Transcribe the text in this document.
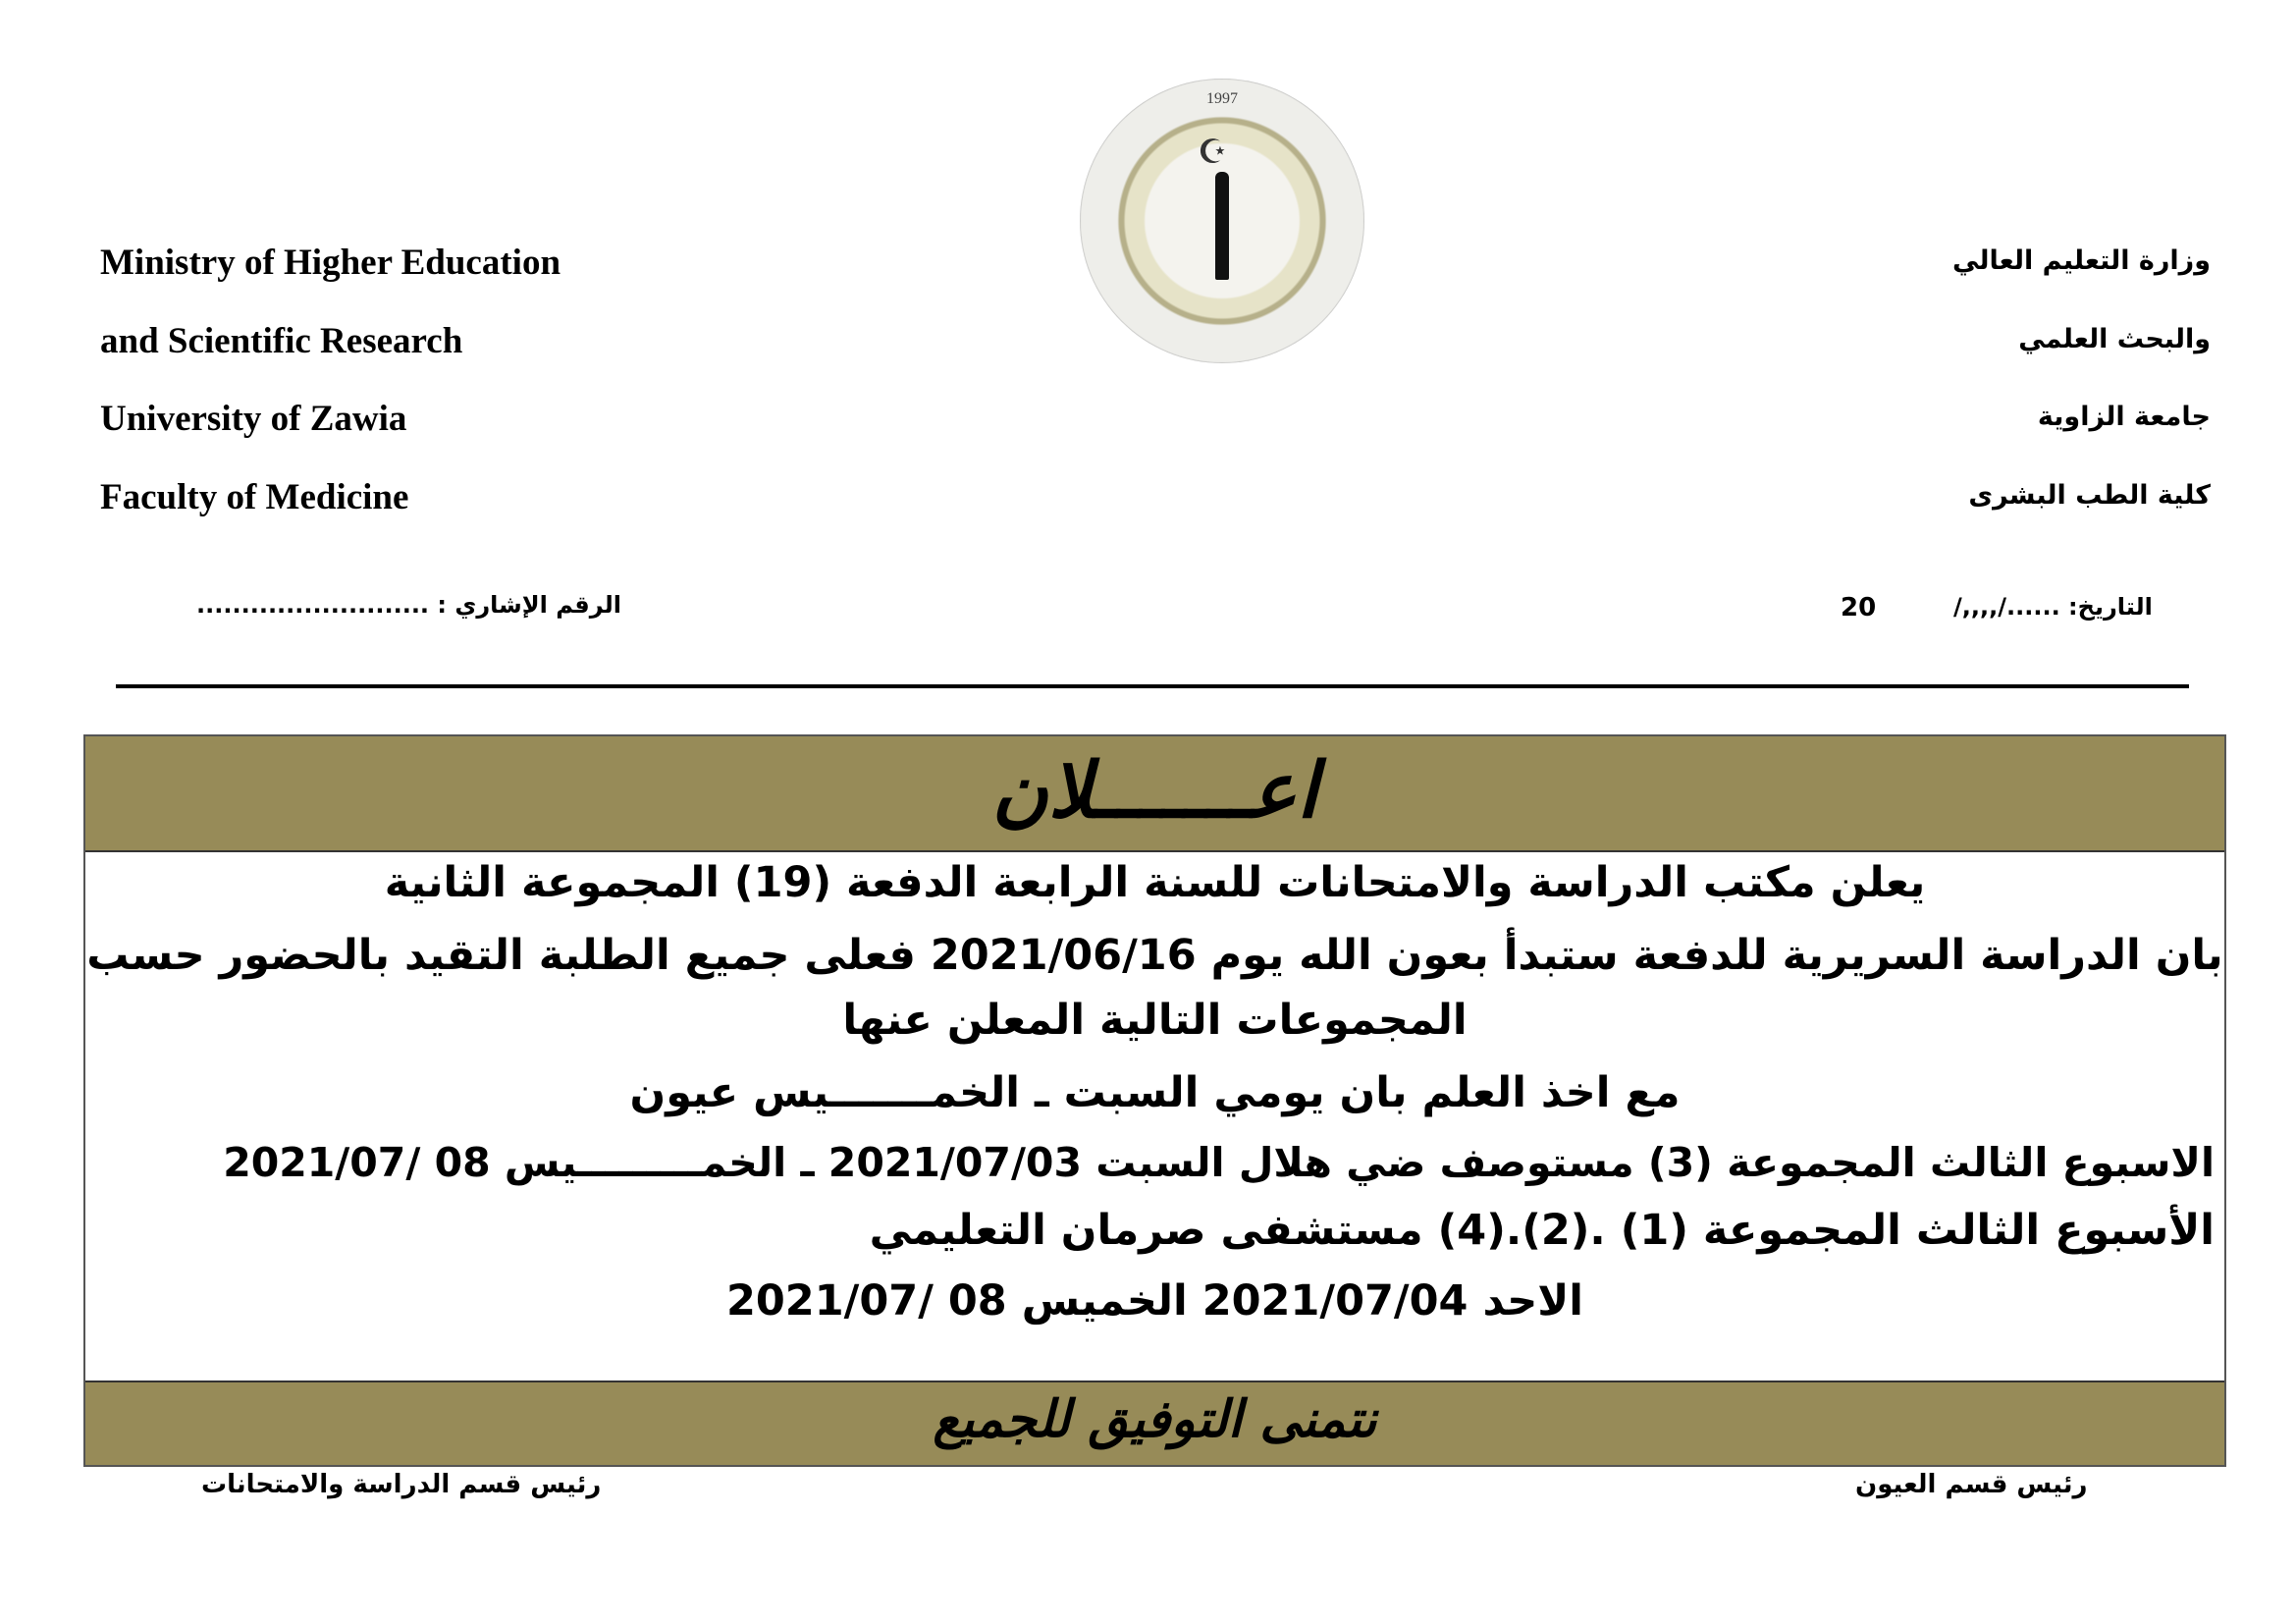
Ministry of Higher Education
and Scientific Research
University of Zawia
Faculty of Medicine
وزارة التعليم العالي
والبحث العلمي
جامعة الزاوية
كلية الطب البشرى
1997
☪
الرقم الإشاري : ..........................	التاريخ: ....../,,,,/
20
اعـــــــلان
يعلن مكتب الدراسة والامتحانات للسنة الرابعة الدفعة (19) المجموعة الثانية
بان الدراسة السريرية للدفعة ستبدأ بعون الله يوم 2021/06/16 فعلى جميع الطلبة التقيد بالحضور حسب
المجموعات التالية المعلن عنها
مع اخذ العلم بان يومي السبت ـ الخمـــــــيس عيون
الاسبوع الثالث المجموعة (3) مستوصف ضي هلال السبت 2021/07/03 ـ الخمـــــــــيس 08 /2021/07
الأسبوع الثالث المجموعة (1) .(2).(4) مستشفى صرمان التعليمي
الاحد 2021/07/04 الخميس 08 /2021/07
نتمنى التوفيق للجميع
رئيس قسم الدراسة والامتحانات	رئيس قسم العيون
